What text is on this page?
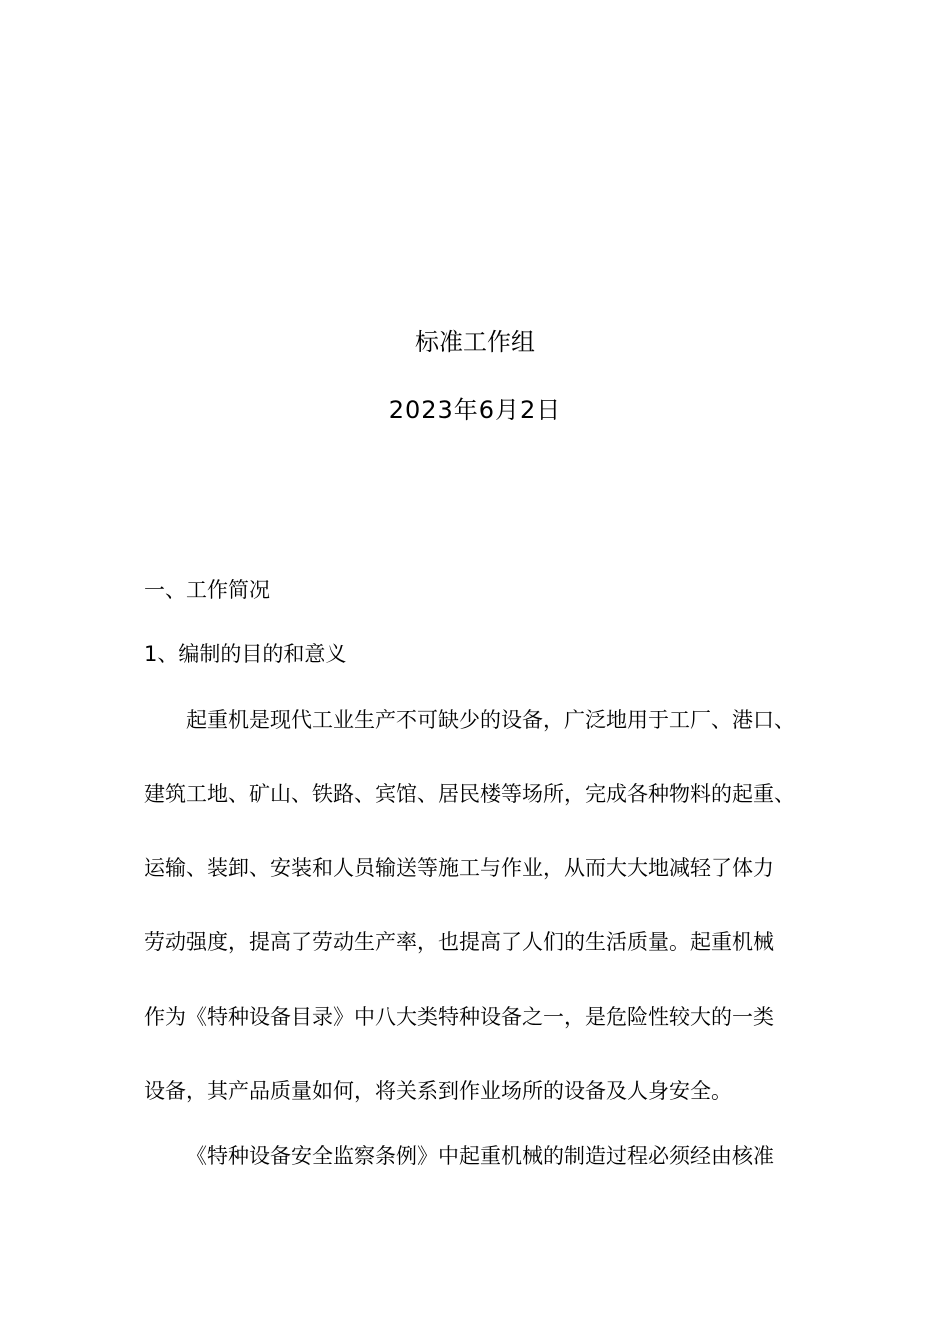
标准工作组
2023年6月2日
一、工作简况
1、编制的目的和意义
起重机是现代工业生产不可缺少的设备，广泛地用于工厂、港口、
建筑工地、矿山、铁路、宾馆、居民楼等场所，完成各种物料的起重、
运输、装卸、安装和人员输送等施工与作业，从而大大地减轻了体力
劳动强度，提高了劳动生产率，也提高了人们的生活质量。起重机械
作为《特种设备目录》中八大类特种设备之一，是危险性较大的一类
设备，其产品质量如何，将关系到作业场所的设备及人身安全。
《特种设备安全监察条例》中起重机械的制造过程必须经由核准
